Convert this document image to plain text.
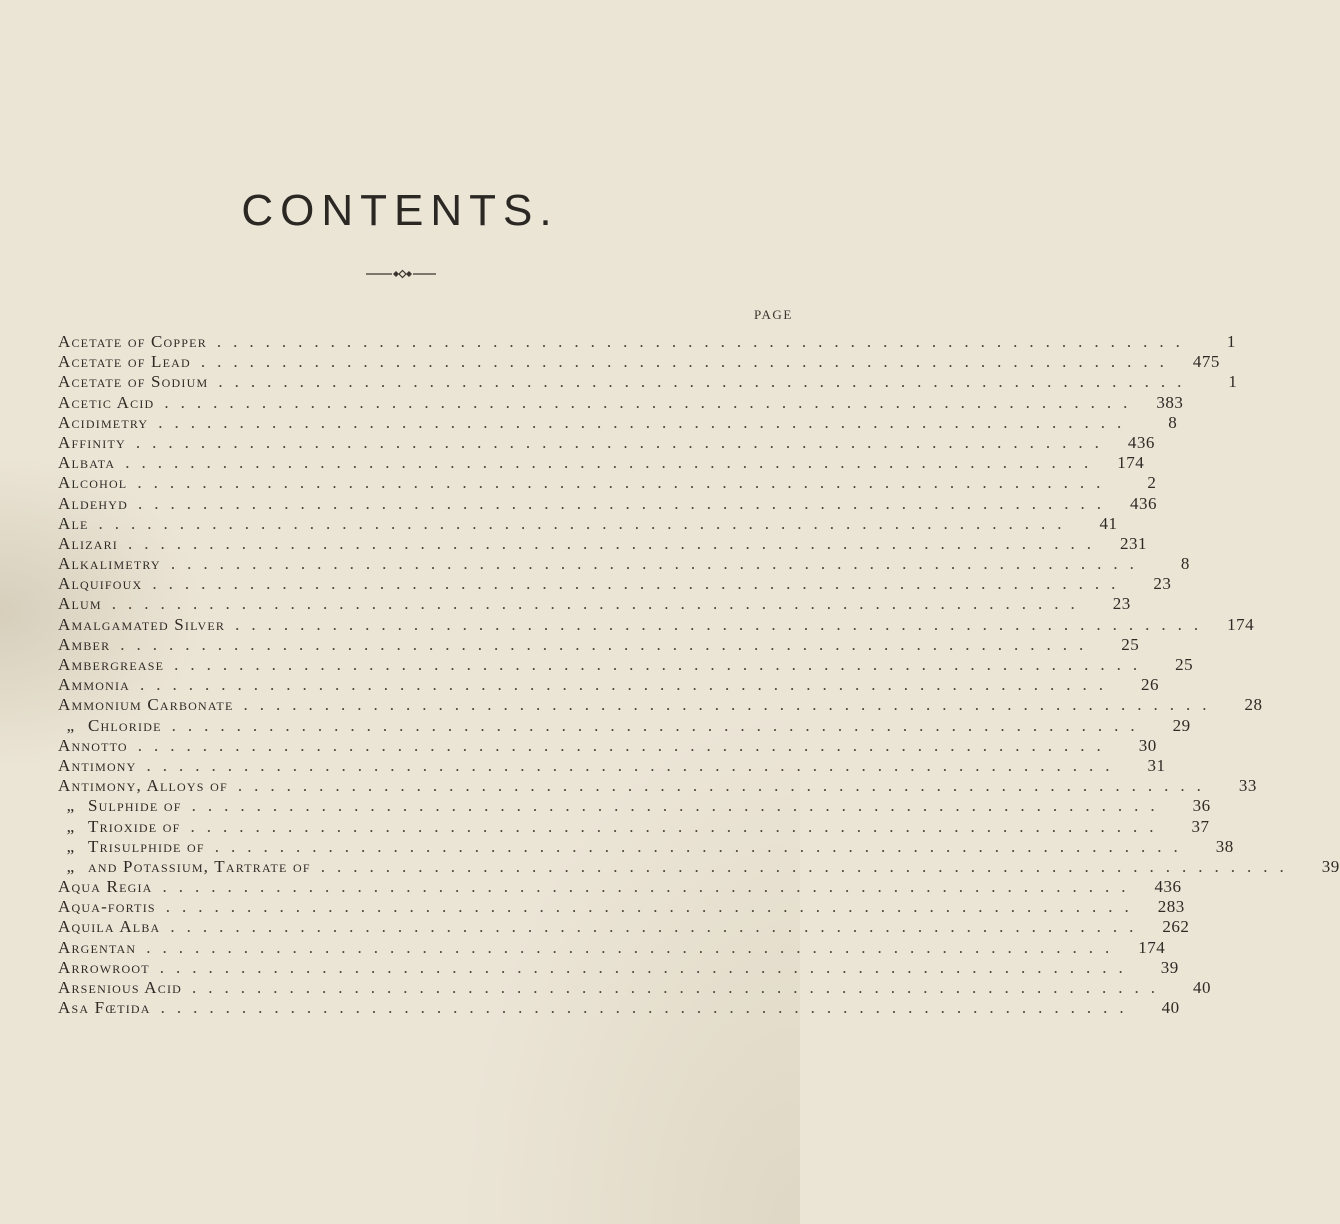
CONTENTS.
PAGE
Acetate of Copper ............................................................	1
Acetate of Lead ............................................................	475
Acetate of Sodium ............................................................	1
Acetic Acid ............................................................	383
Acidimetry ............................................................	8
Affinity ............................................................	436
Albata ............................................................	174
Alcohol ............................................................	2
Aldehyd ............................................................	436
Ale ............................................................	41
Alizari ............................................................	231
Alkalimetry ............................................................	8
Alquifoux ............................................................	23
Alum ............................................................	23
Amalgamated Silver ............................................................	174
Amber ............................................................	25
Ambergrease ............................................................	25
Ammonia ............................................................	26
Ammonium Carbonate ............................................................	28
„ Chloride ............................................................	29
Annotto ............................................................	30
Antimony ............................................................	31
Antimony, Alloys of ............................................................	33
„ Sulphide of ............................................................	36
„ Trioxide of ............................................................	37
„ Trisulphide of ............................................................	38
„ and Potassium, Tartrate of ............................................................	39
Aqua Regia ............................................................	436
Aqua-fortis ............................................................	283
Aquila Alba ............................................................	262
Argentan ............................................................	174
Arrowroot ............................................................	39
Arsenious Acid ............................................................	40
Asa Fœtida ............................................................	40
